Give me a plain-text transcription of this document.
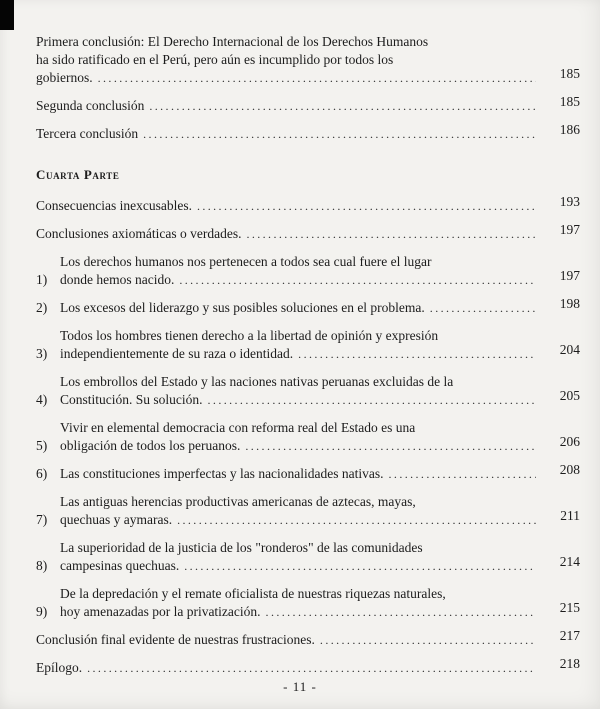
Primera conclusión: El Derecho Internacional de los Derechos Humanos
ha sido ratificado en el Perú, pero aún es incumplido por todos los
gobiernos. .....	185
Segunda conclusión .....	185
Tercera conclusión .....	186
Cuarta Parte
Consecuencias inexcusables. .....	193
Conclusiones axiomáticas o verdades. .....	197
1)
Los derechos humanos nos pertenecen a todos sea cual fuere el lugar
donde hemos nacido. .....	197
2) Los excesos del liderazgo y sus posibles soluciones en el problema. .....	198
3)
Todos los hombres tienen derecho a la libertad de opinión y expresión
independientemente de su raza o identidad. .....	204
4)
Los embrollos del Estado y las naciones nativas peruanas excluidas de la
Constitución. Su solución. .....	205
5)
Vivir en elemental democracia con reforma real del Estado es una
obligación de todos los peruanos. .....	206
6) Las constituciones imperfectas y las nacionalidades nativas. .....	208
7)
Las antiguas herencias productivas americanas de aztecas, mayas,
quechuas y aymaras. .....	211
8)
La superioridad de la justicia de los "ronderos" de las comunidades
campesinas quechuas. .....	214
9)
De la depredación y el remate oficialista de nuestras riquezas naturales,
hoy amenazadas por la privatización. .....	215
Conclusión final evidente de nuestras frustraciones. .....	217
Epílogo. .....	218
- 11 -
